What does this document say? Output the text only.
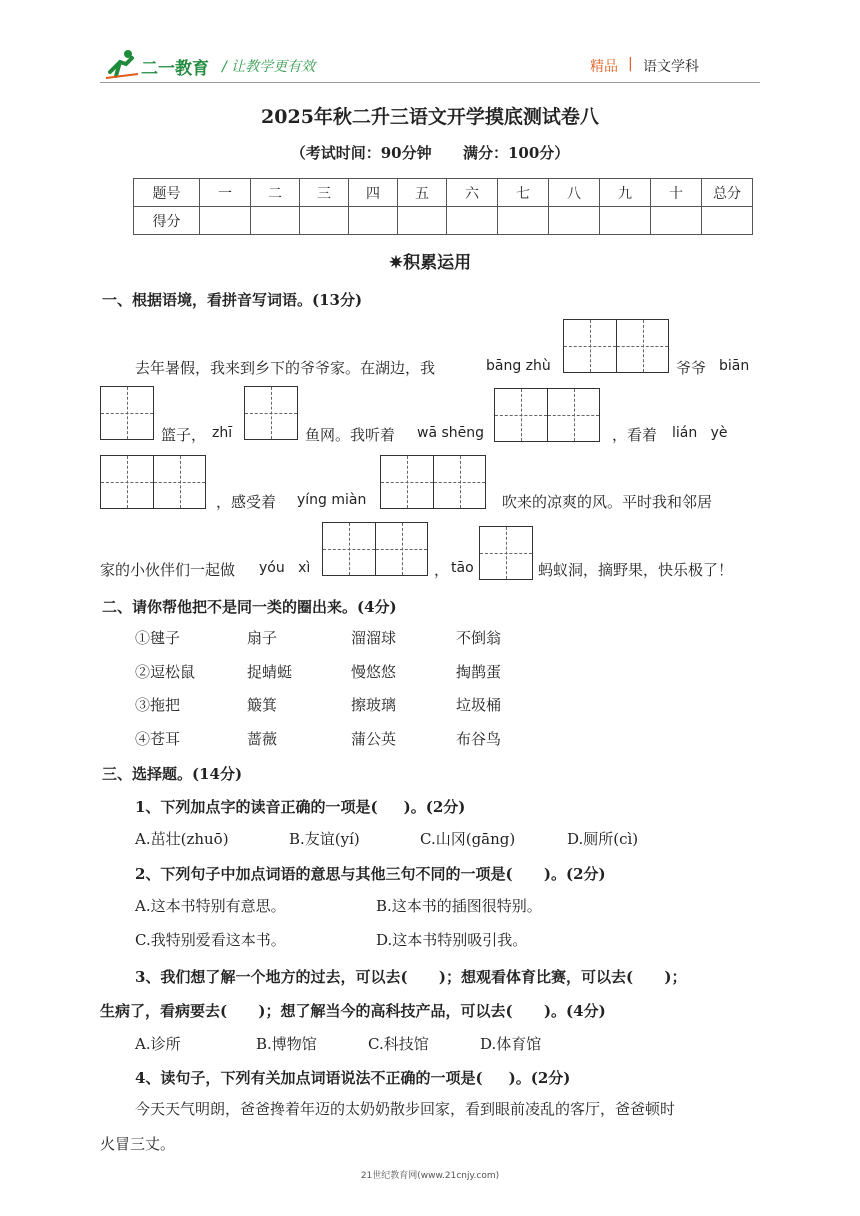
二一教育 / 让教学更有效	精品 | 语文学科
2025年秋二升三语文开学摸底测试卷八
（考试时间：90分钟      满分：100分）
题号	一	二	三	四	五	六	七	八	九	十	总分
得分											
✷积累运用
一、根据语境，看拼音写词语。(13分)
去年暑假，我来到乡下的爷爷家。在湖边，我	bāng zhù	爷爷 biān
篮子， zhī	鱼网。我听着 wā shēng	，看着 lián   yè
，感受着 yíng miàn	吹来的凉爽的风。平时我和邻居
家的小伙伴们一起做 yóu   xì	， tāo	蚂蚁洞，摘野果，快乐极了！
二、请你帮他把不是同一类的圈出来。(4分)
①毽子	扇子	溜溜球	不倒翁
②逗松鼠	捉蜻蜓	慢悠悠	掏鹊蛋
③拖把	簸箕	擦玻璃	垃圾桶
④苍耳	蔷薇	蒲公英	布谷鸟
三、选择题。(14分)
1、下列加点字的读音正确的一项是(     )。(2分)
A.茁壮(zhuō)	B.友谊(yí)	C.山冈(gāng)	D.厕所(cì)
2、下列句子中加点词语的意思与其他三句不同的一项是(      )。(2分)
A.这本书特别有意思。	B.这本书的插图很特别。
C.我特别爱看这本书。	D.这本书特别吸引我。
3、我们想了解一个地方的过去，可以去(      )；想观看体育比赛，可以去(      )；
生病了，看病要去(      )；想了解当今的高科技产品，可以去(      )。(4分)
A.诊所	B.博物馆	C.科技馆	D.体育馆
4、读句子，下列有关加点词语说法不正确的一项是(     )。(2分)
今天天气明朗，爸爸搀着年迈的太奶奶散步回家，看到眼前凌乱的客厅，爸爸顿时
火冒三丈。
21世纪教育网(www.21cnjy.com)
